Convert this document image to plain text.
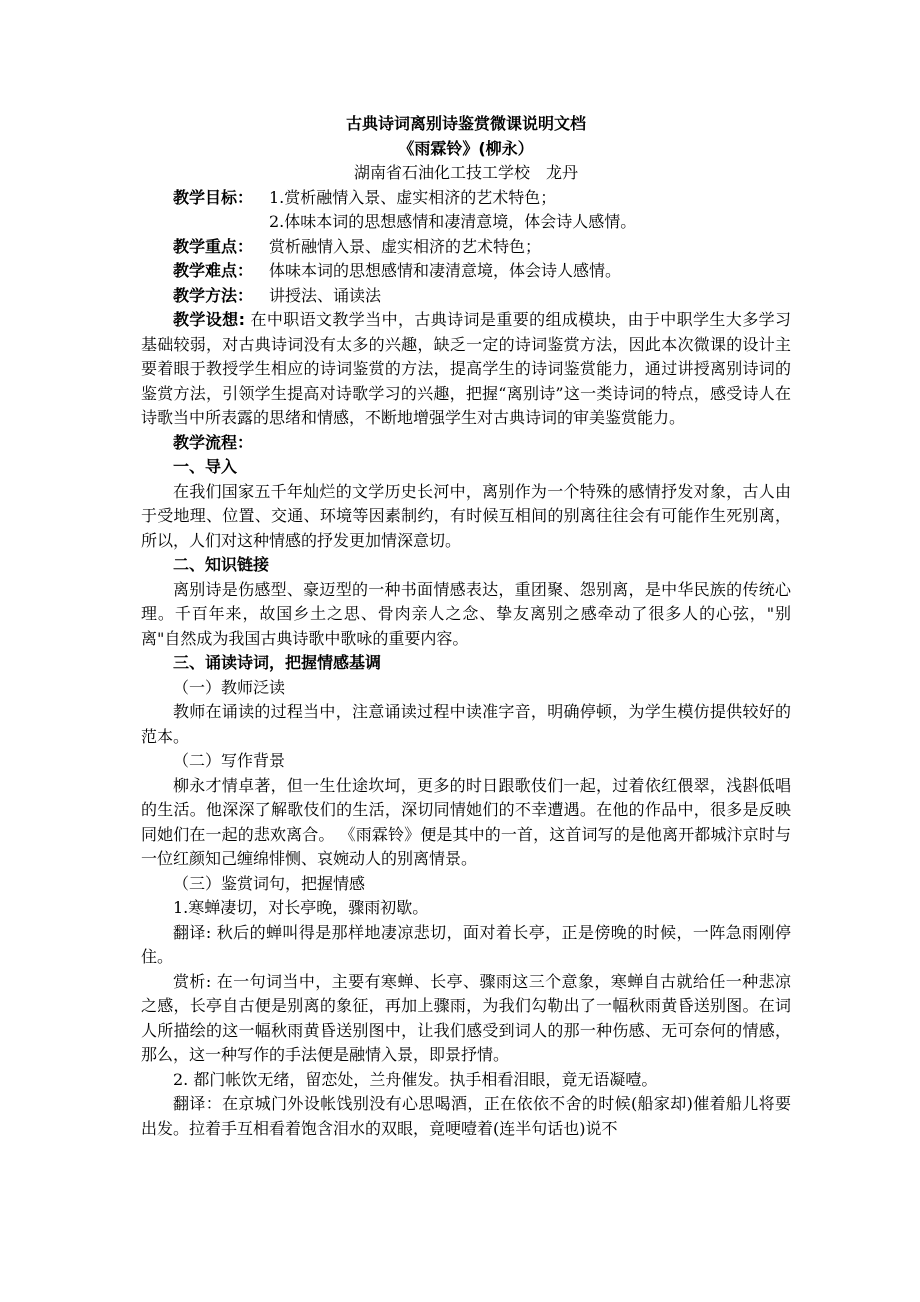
古典诗词离别诗鉴赏微课说明文档
《雨霖铃》(柳永）
湖南省石油化工技工学校　龙丹
教学目标： 1.赏析融情入景、虚实相济的艺术特色；
2.体味本词的思想感情和凄清意境，体会诗人感情。
教学重点： 赏析融情入景、虚实相济的艺术特色；
教学难点： 体味本词的思想感情和凄清意境，体会诗人感情。
教学方法： 讲授法、诵读法
教学设想: 在中职语文教学当中，古典诗词是重要的组成模块，由于中职学生大多学习基础较弱，对古典诗词没有太多的兴趣，缺乏一定的诗词鉴赏方法，因此本次微课的设计主要着眼于教授学生相应的诗词鉴赏的方法，提高学生的诗词鉴赏能力，通过讲授离别诗词的鉴赏方法，引领学生提高对诗歌学习的兴趣，把握“离别诗”这一类诗词的特点，感受诗人在诗歌当中所表露的思绪和情感，不断地增强学生对古典诗词的审美鉴赏能力。
教学流程：
一、导入
在我们国家五千年灿烂的文学历史长河中，离别作为一个特殊的感情抒发对象，古人由于受地理、位置、交通、环境等因素制约，有时候互相间的别离往往会有可能作生死别离，所以，人们对这种情感的抒发更加情深意切。
二、知识链接
离别诗是伤感型、豪迈型的一种书面情感表达，重团聚、怨别离，是中华民族的传统心理。千百年来，故国乡土之思、骨肉亲人之念、挚友离别之感牵动了很多人的心弦，"别离"自然成为我国古典诗歌中歌咏的重要内容。
三、诵读诗词，把握情感基调
（一）教师泛读
教师在诵读的过程当中，注意诵读过程中读准字音，明确停顿，为学生模仿提供较好的范本。
（二）写作背景
柳永才情卓著，但一生仕途坎坷，更多的时日跟歌伎们一起，过着依红偎翠，浅斟低唱的生活。他深深了解歌伎们的生活，深切同情她们的不幸遭遇。在他的作品中，很多是反映同她们在一起的悲欢离合。 《雨霖铃》便是其中的一首，这首词写的是他离开都城汴京时与一位红颜知己缠绵悱恻、哀婉动人的别离情景。
（三）鉴赏词句，把握情感
1.寒蝉凄切，对长亭晚，骤雨初歇。
翻译: 秋后的蝉叫得是那样地凄凉悲切，面对着长亭，正是傍晚的时候，一阵急雨刚停住。
赏析: 在一句词当中，主要有寒蝉、长亭、骤雨这三个意象，寒蝉自古就给任一种悲凉之感，长亭自古便是别离的象征，再加上骤雨，为我们勾勒出了一幅秋雨黄昏送别图。在词人所描绘的这一幅秋雨黄昏送别图中，让我们感受到词人的那一种伤感、无可奈何的情感，那么，这一种写作的手法便是融情入景，即景抒情。
2. 都门帐饮无绪，留恋处，兰舟催发。执手相看泪眼，竟无语凝噎。
翻译：在京城门外设帐饯别没有心思喝酒，正在依依不舍的时候(船家却)催着船儿将要出发。拉着手互相看着饱含泪水的双眼，竟哽噎着(连半句话也)说不
